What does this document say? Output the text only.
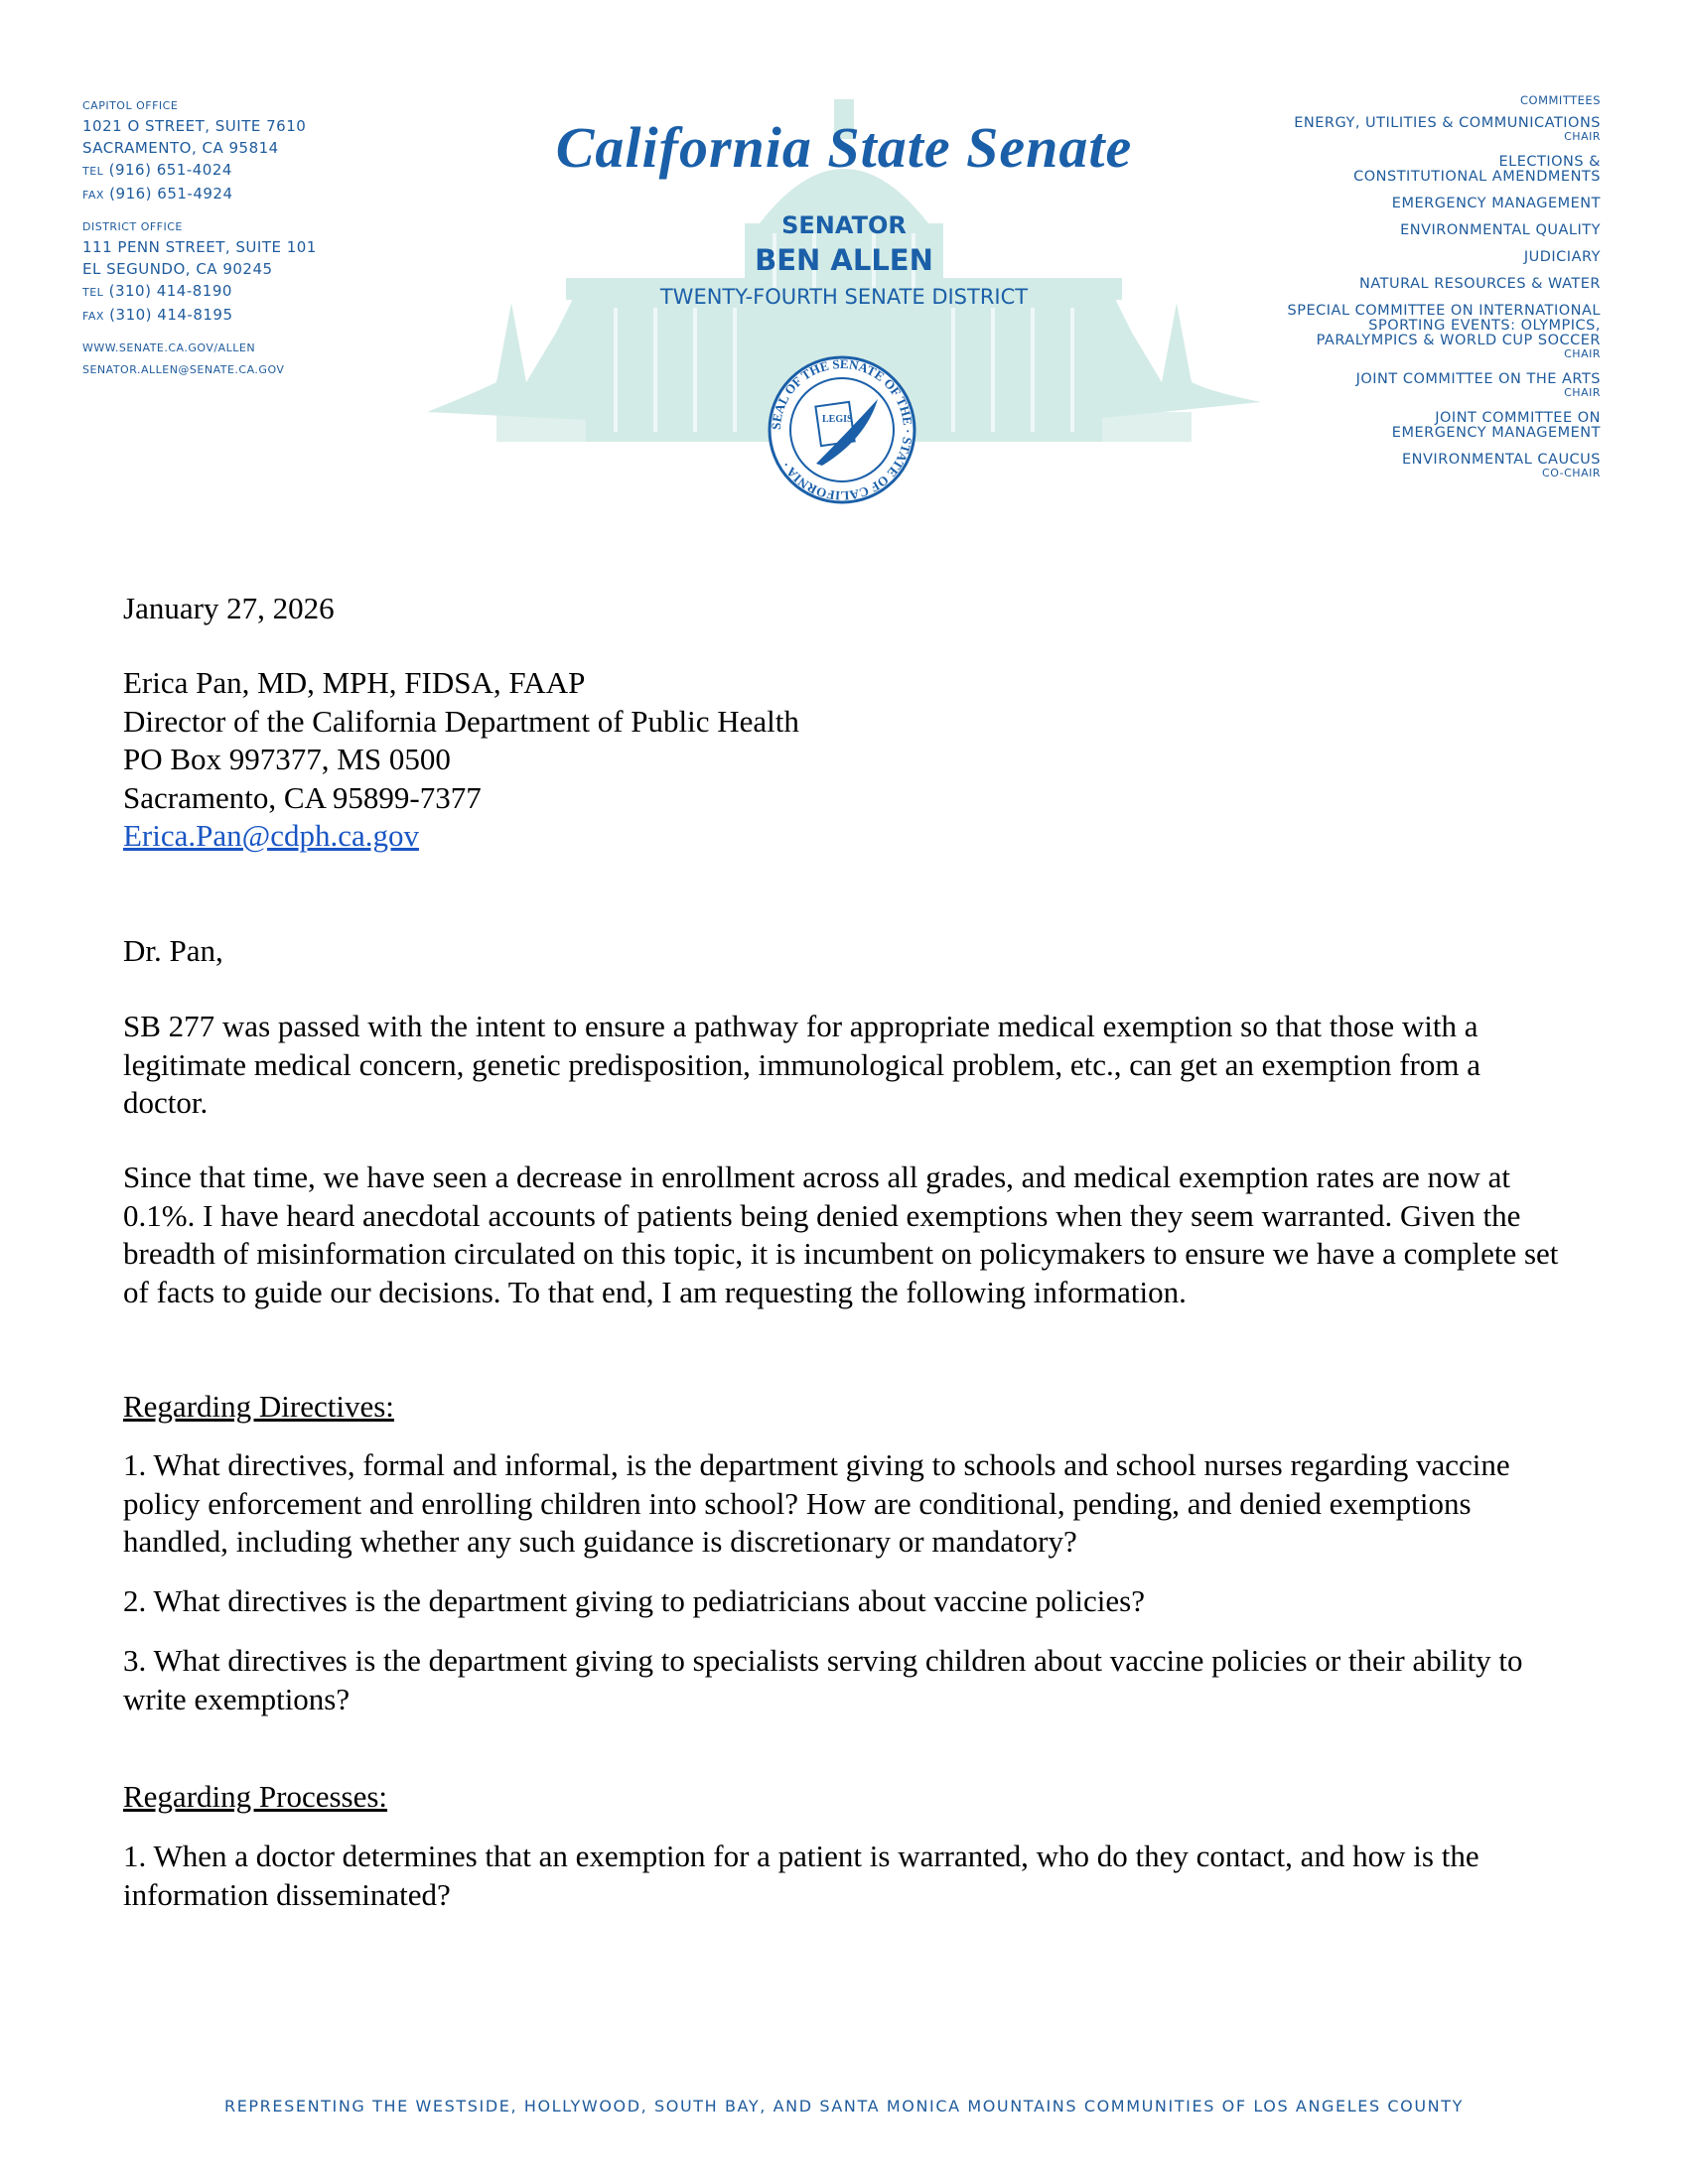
CAPITOL OFFICE
1021 O STREET, SUITE 7610
SACRAMENTO, CA 95814
TEL (916) 651-4024
FAX (916) 651-4924
DISTRICT OFFICE
111 PENN STREET, SUITE 101
EL SEGUNDO, CA 90245
TEL (310) 414-8190
FAX (310) 414-8195
WWW.SENATE.CA.GOV/ALLEN
SENATOR.ALLEN@SENATE.CA.GOV
California State Senate
SENATOR
BEN ALLEN
TWENTY-FOURTH SENATE DISTRICT
SEAL OF THE SENATE OF THE · STATE OF CALIFORNIA ·
LEGIS
COMMITTEES
ENERGY, UTILITIES & COMMUNICATIONS
CHAIR
ELECTIONS &
CONSTITUTIONAL AMENDMENTS
EMERGENCY MANAGEMENT
ENVIRONMENTAL QUALITY
JUDICIARY
NATURAL RESOURCES & WATER
SPECIAL COMMITTEE ON INTERNATIONAL
SPORTING EVENTS: OLYMPICS,
PARALYMPICS & WORLD CUP SOCCER
CHAIR
JOINT COMMITTEE ON THE ARTS
CHAIR
JOINT COMMITTEE ON
EMERGENCY MANAGEMENT
ENVIRONMENTAL CAUCUS
CO-CHAIR
January 27, 2026
Erica Pan, MD, MPH, FIDSA, FAAP
Director of the California Department of Public Health
PO Box 997377, MS 0500
Sacramento, CA 95899-7377
Erica.Pan@cdph.ca.gov
Dr. Pan,
SB 277 was passed with the intent to ensure a pathway for appropriate medical exemption so that those with a legitimate medical concern, genetic predisposition, immunological problem, etc., can get an exemption from a doctor.
Since that time, we have seen a decrease in enrollment across all grades, and medical exemption rates are now at 0.1%. I have heard anecdotal accounts of patients being denied exemptions when they seem warranted. Given the breadth of misinformation circulated on this topic, it is incumbent on policymakers to ensure we have a complete set of facts to guide our decisions. To that end, I am requesting the following information.
Regarding Directives:
1. What directives, formal and informal, is the department giving to schools and school nurses regarding vaccine policy enforcement and enrolling children into school? How are conditional, pending, and denied exemptions handled, including whether any such guidance is discretionary or mandatory?
2. What directives is the department giving to pediatricians about vaccine policies?
3. What directives is the department giving to specialists serving children about vaccine policies or their ability to write exemptions?
Regarding Processes:
1. When a doctor determines that an exemption for a patient is warranted, who do they contact, and how is the information disseminated?
REPRESENTING THE WESTSIDE, HOLLYWOOD, SOUTH BAY, AND SANTA MONICA MOUNTAINS COMMUNITIES OF LOS ANGELES COUNTY
